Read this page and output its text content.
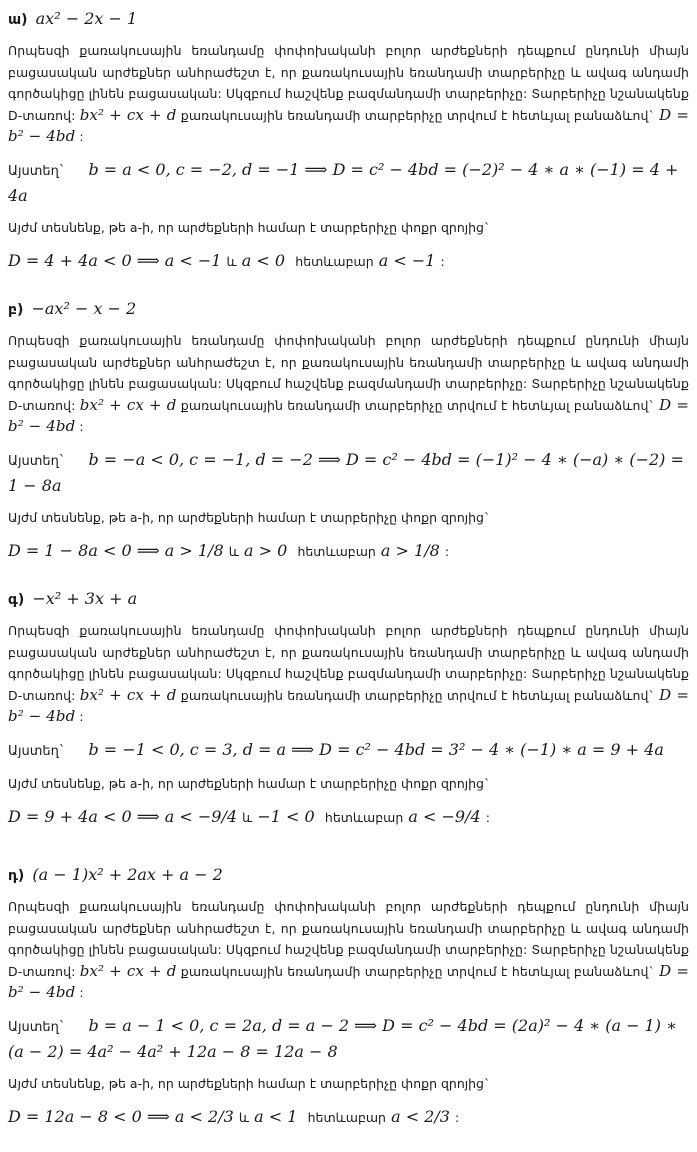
ա) ax² − 2x − 1
Որպեսզի քառակուսային եռանդամը փոփոխականի բոլոր արժեքների դեպքում ընդունի միայն բացասական արժեքներ անհրաժեշտ է, որ քառակուսային եռանդամի տարբերիչը և ավագ անդամի գործակիցը լինեն բացասական: Սկզբում հաշվենք բազմանդամի տարբերիչը: Տարբերիչը նշանակենք D-տառով: bx² + cx + d քառակուսային եռանդամի տարբերիչը տրվում է հետևյալ բանաձևով` D = b² − 4bd :
Այստեղ` b = a < 0, c = −2, d = −1 ⟹ D = c² − 4bd = (−2)² − 4 ∗ a ∗ (−1) = 4 + 4a
Այժմ տեսնենք, թե a-ի, որ արժեքների համար է տարբերիչը փոքր զրոյից`
D = 4 + 4a < 0 ⟹ a < −1 և a < 0 հետևաբար a < −1 :
բ) −ax² − x − 2
Որպեսզի քառակուսային եռանդամը փոփոխականի բոլոր արժեքների դեպքում ընդունի միայն բացասական արժեքներ անհրաժեշտ է, որ քառակուսային եռանդամի տարբերիչը և ավագ անդամի գործակիցը լինեն բացասական: Սկզբում հաշվենք բազմանդամի տարբերիչը: Տարբերիչը նշանակենք D-տառով: bx² + cx + d քառակուսային եռանդամի տարբերիչը տրվում է հետևյալ բանաձևով` D = b² − 4bd :
Այստեղ` b = −a < 0, c = −1, d = −2 ⟹ D = c² − 4bd = (−1)² − 4 ∗ (−a) ∗ (−2) = 1 − 8a
Այժմ տեսնենք, թե a-ի, որ արժեքների համար է տարբերիչը փոքր զրոյից`
D = 1 − 8a < 0 ⟹ a > 1/8 և a > 0 հետևաբար a > 1/8 :
գ) −x² + 3x + a
Որպեսզի քառակուսային եռանդամը փոփոխականի բոլոր արժեքների դեպքում ընդունի միայն բացասական արժեքներ անհրաժեշտ է, որ քառակուսային եռանդամի տարբերիչը և ավագ անդամի գործակիցը լինեն բացասական: Սկզբում հաշվենք բազմանդամի տարբերիչը: Տարբերիչը նշանակենք D-տառով: bx² + cx + d քառակուսային եռանդամի տարբերիչը տրվում է հետևյալ բանաձևով` D = b² − 4bd :
Այստեղ` b = −1 < 0, c = 3, d = a ⟹ D = c² − 4bd = 3² − 4 ∗ (−1) ∗ a = 9 + 4a
Այժմ տեսնենք, թե a-ի, որ արժեքների համար է տարբերիչը փոքր զրոյից`
D = 9 + 4a < 0 ⟹ a < −9/4 և −1 < 0 հետևաբար a < −9/4 :
դ) (a − 1)x² + 2ax + a − 2
Որպեսզի քառակուսային եռանդամը փոփոխականի բոլոր արժեքների դեպքում ընդունի միայն բացասական արժեքներ անհրաժեշտ է, որ քառակուսային եռանդամի տարբերիչը և ավագ անդամի գործակիցը լինեն բացասական: Սկզբում հաշվենք բազմանդամի տարբերիչը: Տարբերիչը նշանակենք D-տառով: bx² + cx + d քառակուսային եռանդամի տարբերիչը տրվում է հետևյալ բանաձևով` D = b² − 4bd :
Այստեղ` b = a − 1 < 0, c = 2a, d = a − 2 ⟹ D = c² − 4bd = (2a)² − 4 ∗ (a − 1) ∗ (a − 2) = 4a² − 4a² + 12a − 8 = 12a − 8
Այժմ տեսնենք, թե a-ի, որ արժեքների համար է տարբերիչը փոքր զրոյից`
D = 12a − 8 < 0 ⟹ a < 2/3 և a < 1 հետևաբար a < 2/3 :
